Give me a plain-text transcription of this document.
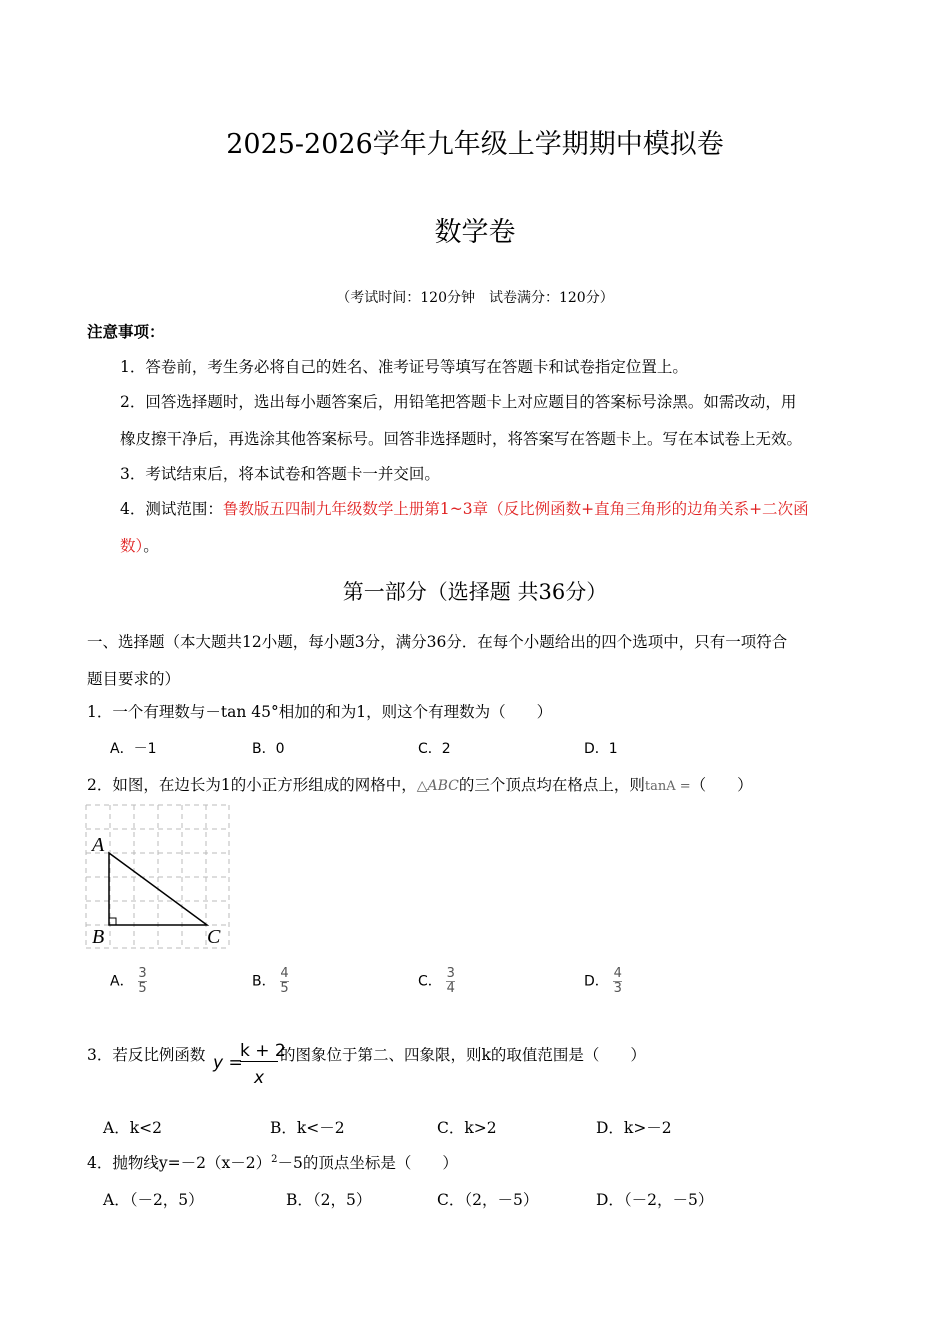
2025-2026学年九年级上学期期中模拟卷
数学卷
（考试时间：120分钟　试卷满分：120分）
注意事项：
1．答卷前，考生务必将自己的姓名、准考证号等填写在答题卡和试卷指定位置上。
2．回答选择题时，选出每小题答案后，用铅笔把答题卡上对应题目的答案标号涂黑。如需改动，用
橡皮擦干净后，再选涂其他答案标号。回答非选择题时，将答案写在答题卡上。写在本试卷上无效。
3．考试结束后，将本试卷和答题卡一并交回。
4．测试范围：鲁教版五四制九年级数学上册第1~3章（反比例函数+直角三角形的边角关系+二次函
数）。
第一部分（选择题 共36分）
一、选择题（本大题共12小题，每小题3分，满分36分．在每个小题给出的四个选项中，只有一项符合
题目要求的）
1．一个有理数与－tan 45°相加的和为1，则这个有理数为（　　）
A．－1	B．0	C．2	D．1
2．如图，在边长为1的小正方形组成的网格中，△ABC的三个顶点均在格点上，则tanA =（　　）
A
B	C
A． $\frac{3}{5}$	B． $\frac{4}{5}$	C． $\frac{3}{4}$	D． $\frac{4}{3}$
3．若反比例函数 y =
k + 2
x
的图象位于第二、四象限，则k的取值范围是（　　）
A．k<2	B．k<－2	C．k>2	D．k>－2
4．抛物线$y=-2(x-2)^2-5$的顶点坐标是（　　）
A．（－2，5）	B．（2，5）	C．（2，－5）	D．（－2，－5）
